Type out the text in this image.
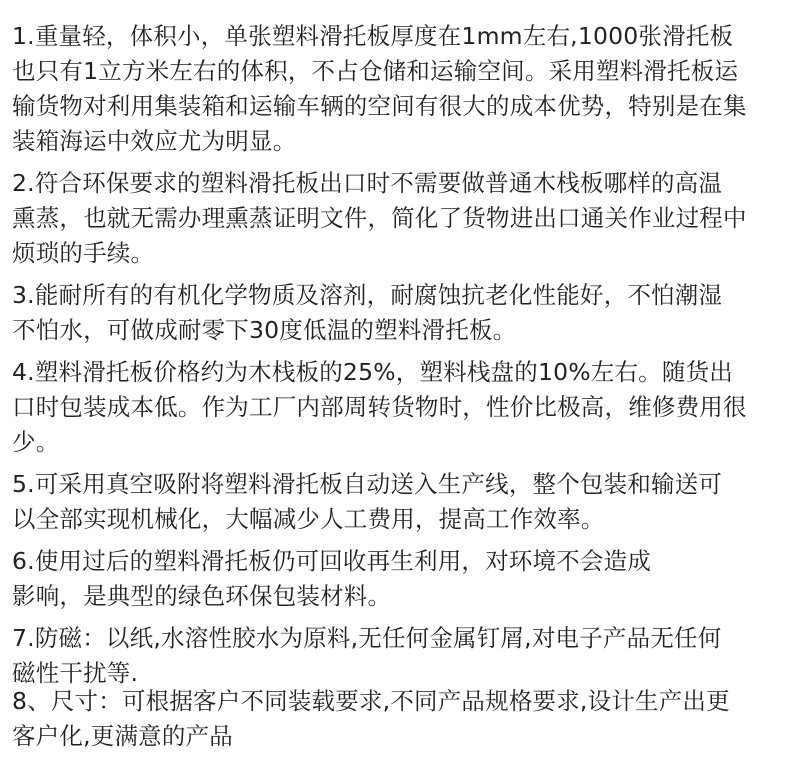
1.重量轻，体积小，单张塑料滑托板厚度在1mm左右,1000张滑托板
也只有1立方米左右的体积，不占仓储和运输空间。采用塑料滑托板运
输货物对利用集装箱和运输车辆的空间有很大的成本优势，特别是在集
装箱海运中效应尤为明显。
2.符合环保要求的塑料滑托板出口时不需要做普通木栈板哪样的高温
熏蒸，也就无需办理熏蒸证明文件，简化了货物进出口通关作业过程中
烦琐的手续。
3.能耐所有的有机化学物质及溶剂，耐腐蚀抗老化性能好，不怕潮湿
不怕水，可做成耐零下30度低温的塑料滑托板。
4.塑料滑托板价格约为木栈板的25%，塑料栈盘的10%左右。随货出
口时包装成本低。作为工厂内部周转货物时，性价比极高，维修费用很
少。
5.可采用真空吸附将塑料滑托板自动送入生产线，整个包装和输送可
以全部实现机械化，大幅减少人工费用，提高工作效率。
6.使用过后的塑料滑托板仍可回收再生利用，对环境不会造成
影响，是典型的绿色环保包装材料。
7.防磁：以纸,水溶性胶水为原料,无任何金属钉屑,对电子产品无任何
磁性干扰等.
8、尺寸：可根据客户不同装载要求,不同产品规格要求,设计生产出更
客户化,更满意的产品
